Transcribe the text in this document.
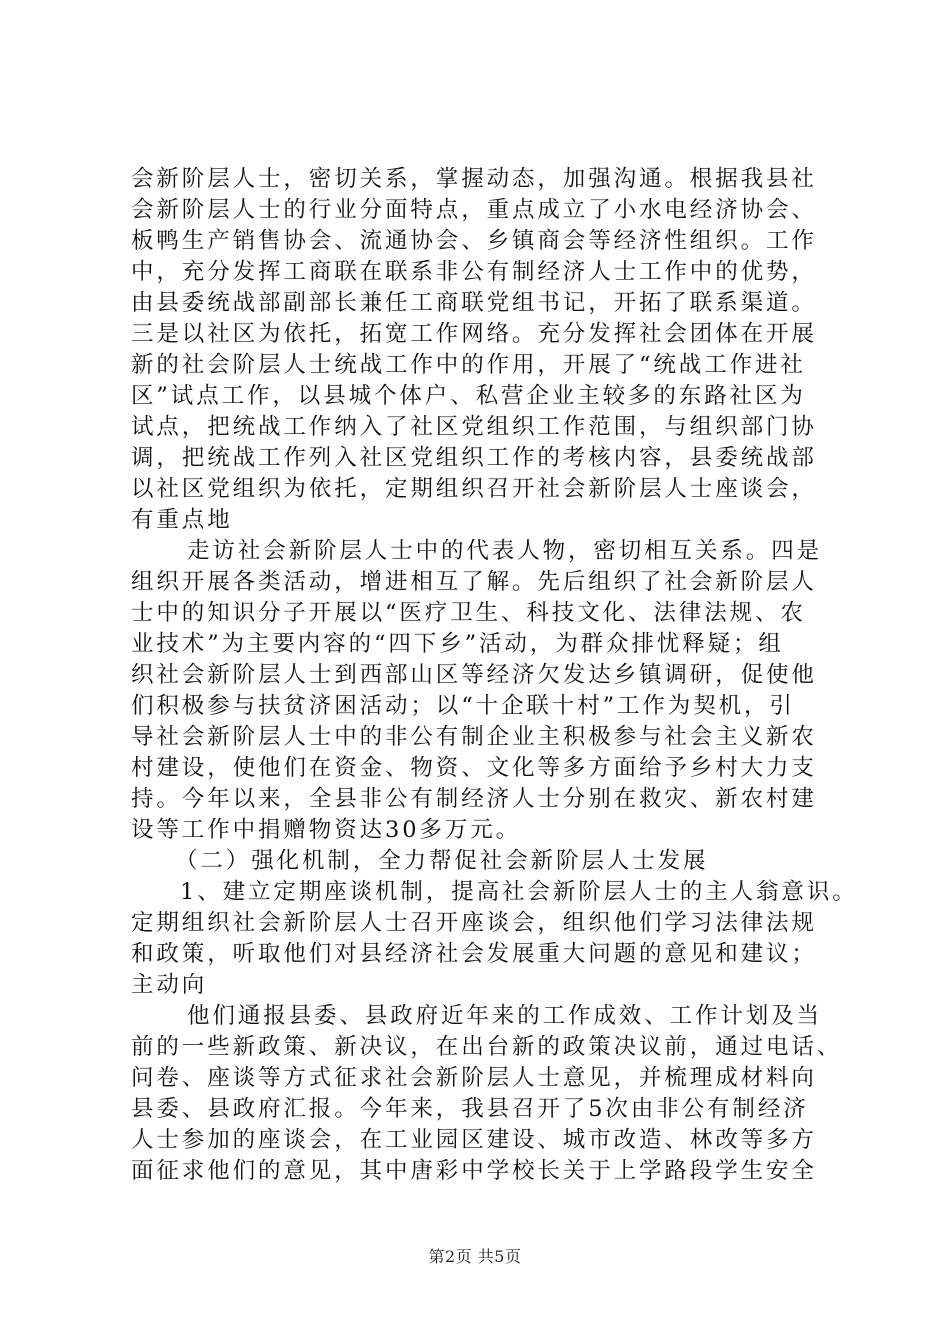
会新阶层人士，密切关系，掌握动态，加强沟通。根据我县社
会新阶层人士的行业分面特点，重点成立了小水电经济协会、
板鸭生产销售协会、流通协会、乡镇商会等经济性组织。工作
中，充分发挥工商联在联系非公有制经济人士工作中的优势，
由县委统战部副部长兼任工商联党组书记，开拓了联系渠道。
三是以社区为依托，拓宽工作网络。充分发挥社会团体在开展
新的社会阶层人士统战工作中的作用，开展了“统战工作进社
区”试点工作，以县城个体户、私营企业主较多的东路社区为
试点，把统战工作纳入了社区党组织工作范围，与组织部门协
调，把统战工作列入社区党组织工作的考核内容，县委统战部
以社区党组织为依托，定期组织召开社会新阶层人士座谈会，
有重点地
走访社会新阶层人士中的代表人物，密切相互关系。四是
组织开展各类活动，增进相互了解。先后组织了社会新阶层人
士中的知识分子开展以“医疗卫生、科技文化、法律法规、农
业技术”为主要内容的“四下乡”活动，为群众排忧释疑；组
织社会新阶层人士到西部山区等经济欠发达乡镇调研，促使他
们积极参与扶贫济困活动；以“十企联十村”工作为契机，引
导社会新阶层人士中的非公有制企业主积极参与社会主义新农
村建设，使他们在资金、物资、文化等多方面给予乡村大力支
持。今年以来，全县非公有制经济人士分别在救灾、新农村建
设等工作中捐赠物资达30多万元。
（二）强化机制，全力帮促社会新阶层人士发展
1、建立定期座谈机制，提高社会新阶层人士的主人翁意识。
定期组织社会新阶层人士召开座谈会，组织他们学习法律法规
和政策，听取他们对县经济社会发展重大问题的意见和建议；
主动向
他们通报县委、县政府近年来的工作成效、工作计划及当
前的一些新政策、新决议，在出台新的政策决议前，通过电话、
问卷、座谈等方式征求社会新阶层人士意见，并梳理成材料向
县委、县政府汇报。今年来，我县召开了5次由非公有制经济
人士参加的座谈会，在工业园区建设、城市改造、林改等多方
面征求他们的意见，其中唐彩中学校长关于上学路段学生安全
第2页 共5页
